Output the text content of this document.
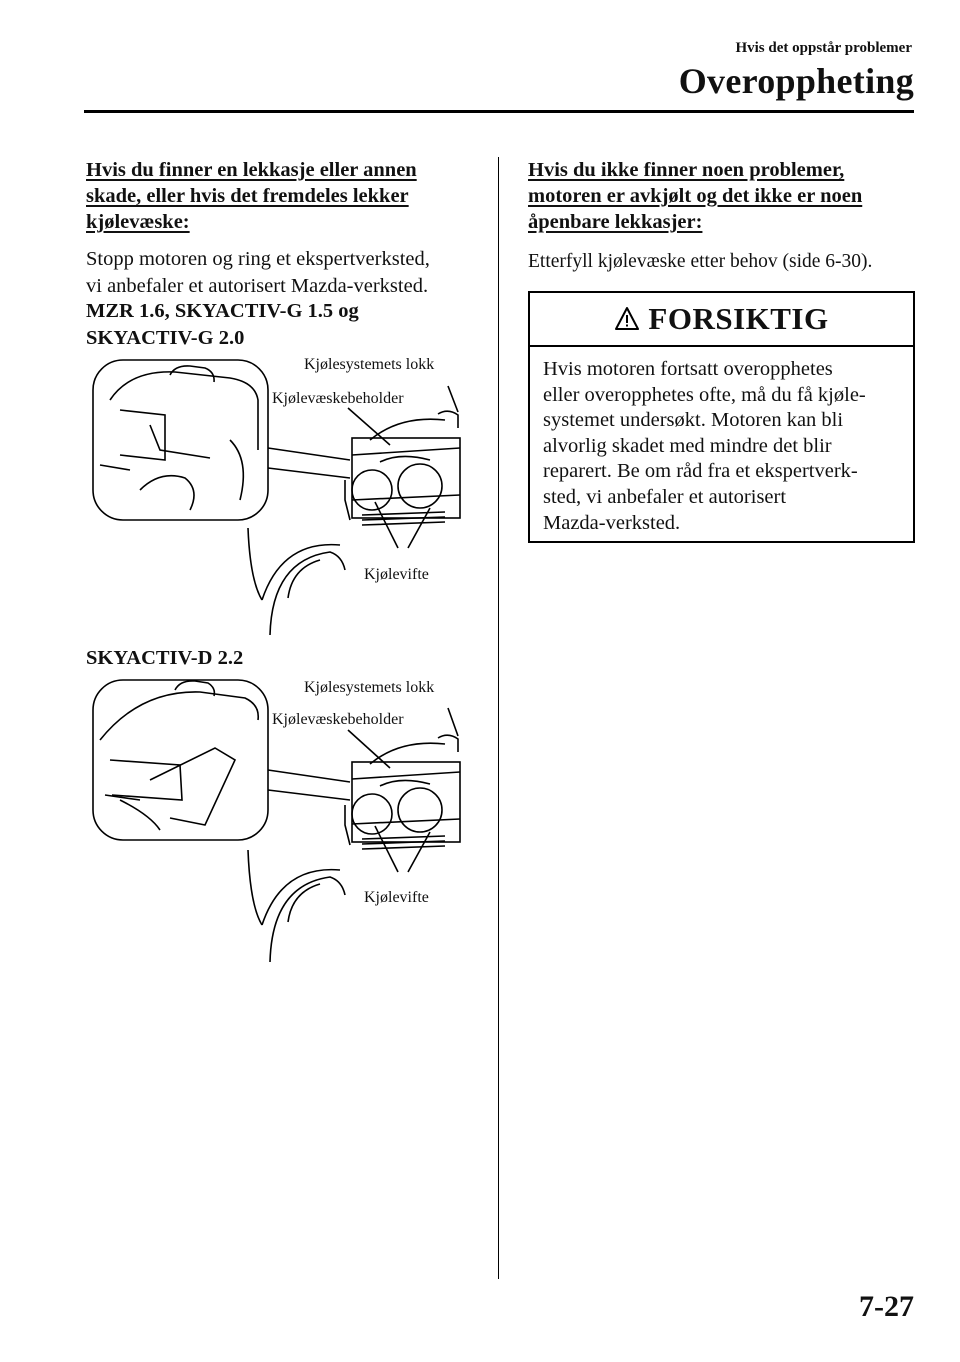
Hvis det oppstår problemer
Overoppheting
Hvis du finner en lekkasje eller annen
skade, eller hvis det fremdeles lekker
kjølevæske:
Stopp motoren og ring et ekspertverksted,
vi anbefaler et autorisert Mazda-verksted.
MZR 1.6, SKYACTIV-G 1.5 og
SKYACTIV-G 2.0
Kjølesystemets lokk
Kjølevæskebeholder
Kjølevifte
SKYACTIV-D 2.2
Kjølesystemets lokk
Kjølevæskebeholder
Kjølevifte
Hvis du ikke finner noen problemer,
motoren er avkjølt og det ikke er noen
åpenbare lekkasjer:
Etterfyll kjølevæske etter behov (side 6-30).
FORSIKTIG
Hvis motoren fortsatt overopphetes
eller overopphetes ofte, må du få kjøle-
systemet undersøkt. Motoren kan bli
alvorlig skadet med mindre det blir
reparert. Be om råd fra et ekspertverk-
sted, vi anbefaler et autorisert
Mazda-verksted.
7-27
